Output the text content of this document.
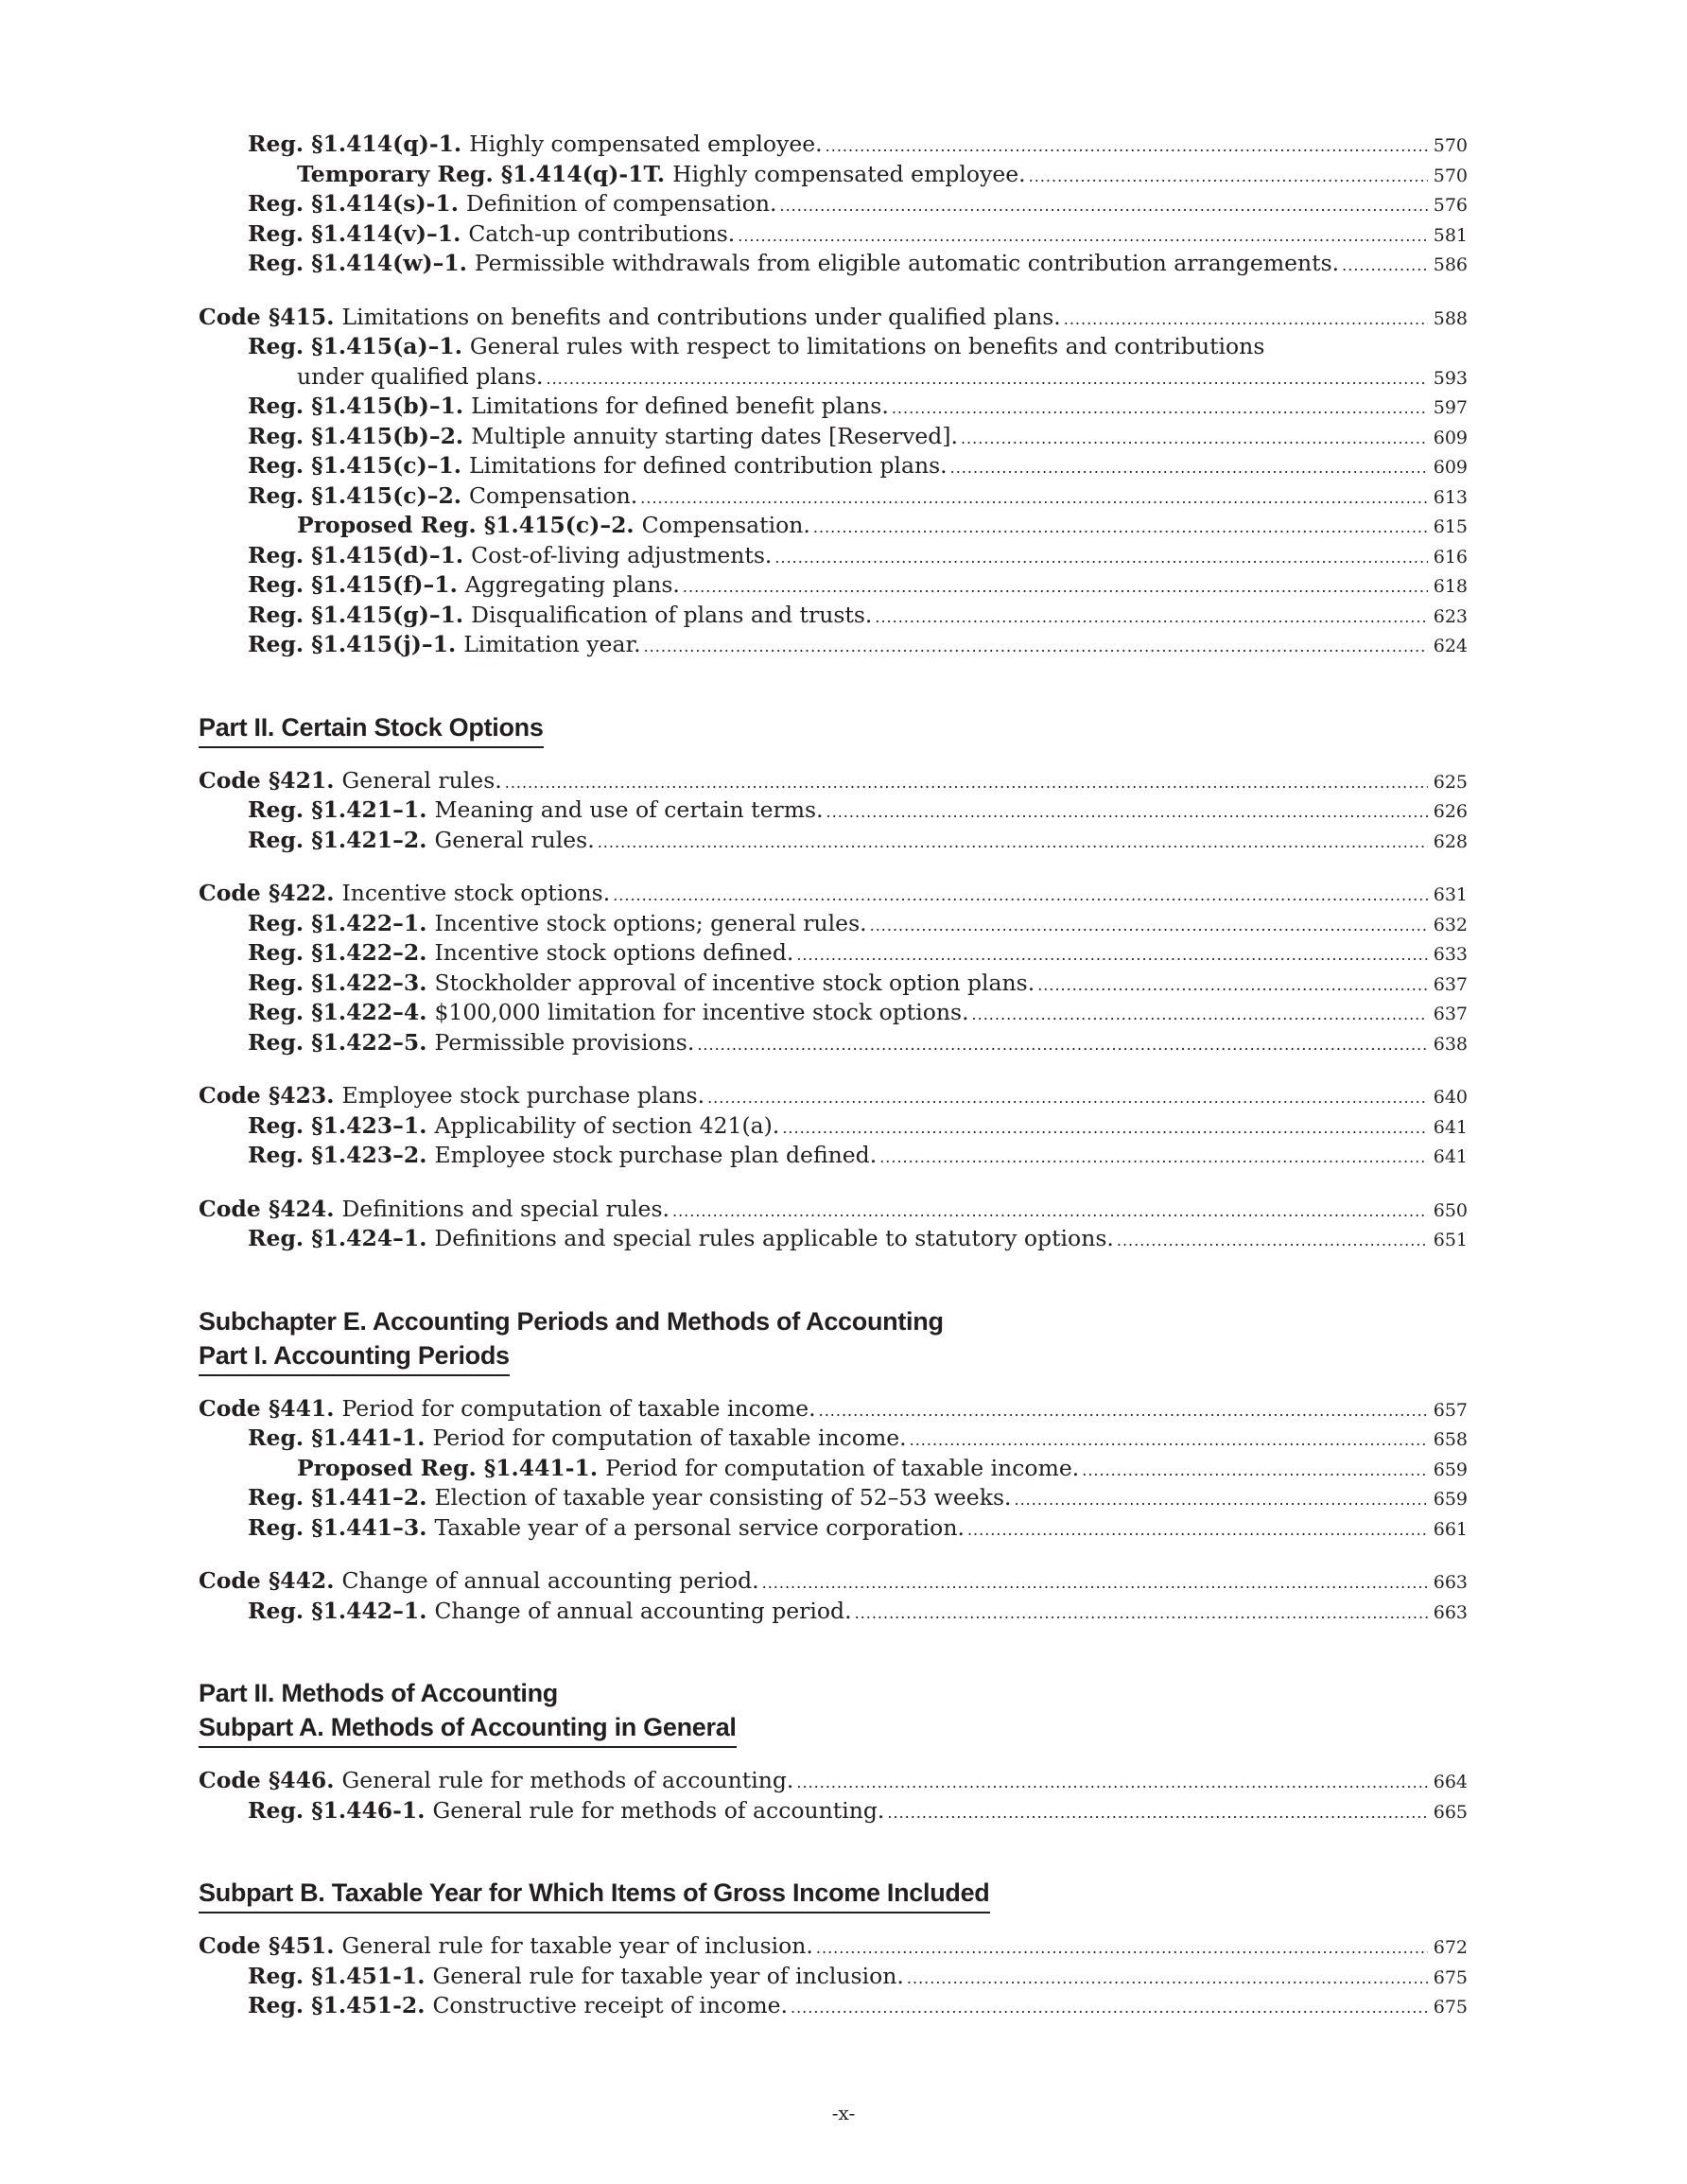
Reg. §1.414(q)-1. Highly compensated employee. .....	570
Temporary Reg. §1.414(q)-1T. Highly compensated employee. .....	570
Reg. §1.414(s)-1. Definition of compensation. .....	576
Reg. §1.414(v)–1. Catch-up contributions. .....	581
Reg. §1.414(w)–1. Permissible withdrawals from eligible automatic contribution arrangements. .....	586
Code §415. Limitations on benefits and contributions under qualified plans. .....	588
Reg. §1.415(a)–1. General rules with respect to limitations on benefits and contributions
under qualified plans. .....	593
Reg. §1.415(b)–1. Limitations for defined benefit plans. .....	597
Reg. §1.415(b)–2. Multiple annuity starting dates [Reserved]. .....	609
Reg. §1.415(c)–1. Limitations for defined contribution plans. .....	609
Reg. §1.415(c)–2. Compensation. .....	613
Proposed Reg. §1.415(c)–2. Compensation. .....	615
Reg. §1.415(d)–1. Cost-of-living adjustments. .....	616
Reg. §1.415(f)–1. Aggregating plans. .....	618
Reg. §1.415(g)–1. Disqualification of plans and trusts. .....	623
Reg. §1.415(j)–1. Limitation year. .....	624
Part II. Certain Stock Options
Code §421. General rules. .....	625
Reg. §1.421–1. Meaning and use of certain terms. .....	626
Reg. §1.421–2. General rules. .....	628
Code §422. Incentive stock options. .....	631
Reg. §1.422–1. Incentive stock options; general rules. .....	632
Reg. §1.422–2. Incentive stock options defined. .....	633
Reg. §1.422–3. Stockholder approval of incentive stock option plans. .....	637
Reg. §1.422–4. $100,000 limitation for incentive stock options. .....	637
Reg. §1.422–5. Permissible provisions. .....	638
Code §423. Employee stock purchase plans. .....	640
Reg. §1.423–1. Applicability of section 421(a). .....	641
Reg. §1.423–2. Employee stock purchase plan defined. .....	641
Code §424. Definitions and special rules. .....	650
Reg. §1.424–1. Definitions and special rules applicable to statutory options. .....	651
Subchapter E. Accounting Periods and Methods of Accounting
Part I. Accounting Periods
Code §441. Period for computation of taxable income. .....	657
Reg. §1.441-1. Period for computation of taxable income. .....	658
Proposed Reg. §1.441-1. Period for computation of taxable income. .....	659
Reg. §1.441–2. Election of taxable year consisting of 52–53 weeks. .....	659
Reg. §1.441–3. Taxable year of a personal service corporation. .....	661
Code §442. Change of annual accounting period. .....	663
Reg. §1.442–1. Change of annual accounting period. .....	663
Part II. Methods of Accounting
Subpart A. Methods of Accounting in General
Code §446. General rule for methods of accounting. .....	664
Reg. §1.446-1. General rule for methods of accounting. .....	665
Subpart B. Taxable Year for Which Items of Gross Income Included
Code §451. General rule for taxable year of inclusion. .....	672
Reg. §1.451-1. General rule for taxable year of inclusion. .....	675
Reg. §1.451-2. Constructive receipt of income. .....	675
-x-
